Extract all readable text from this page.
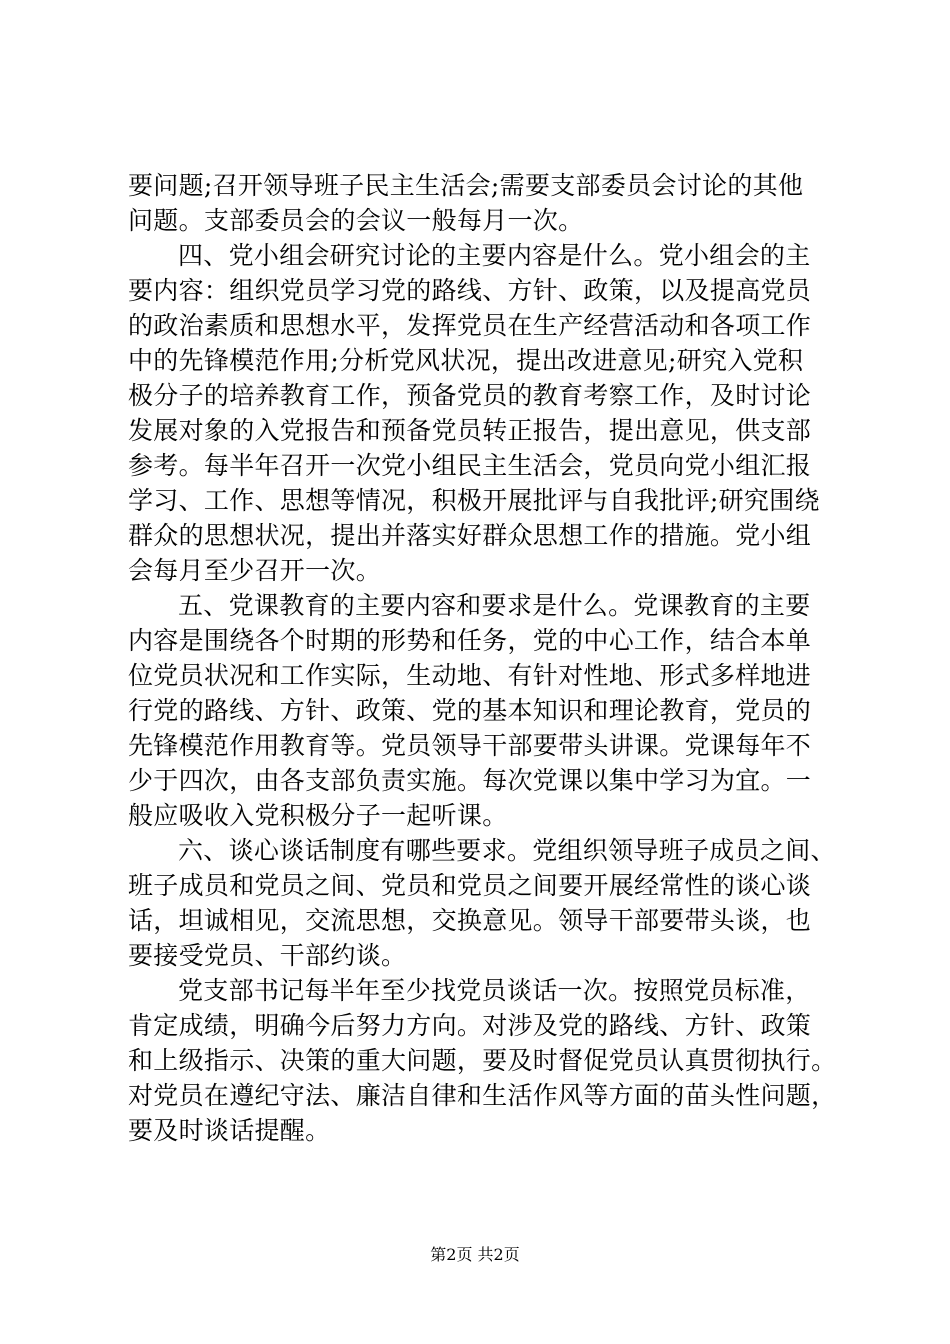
要问题;召开领导班子民主生活会;需要支部委员会讨论的其他
问题。支部委员会的会议一般每月一次。
四、党小组会研究讨论的主要内容是什么。党小组会的主
要内容：组织党员学习党的路线、方针、政策，以及提高党员
的政治素质和思想水平，发挥党员在生产经营活动和各项工作
中的先锋模范作用;分析党风状况，提出改进意见;研究入党积
极分子的培养教育工作，预备党员的教育考察工作，及时讨论
发展对象的入党报告和预备党员转正报告，提出意见，供支部
参考。每半年召开一次党小组民主生活会，党员向党小组汇报
学习、工作、思想等情况，积极开展批评与自我批评;研究围绕
群众的思想状况，提出并落实好群众思想工作的措施。党小组
会每月至少召开一次。
五、党课教育的主要内容和要求是什么。党课教育的主要
内容是围绕各个时期的形势和任务，党的中心工作，结合本单
位党员状况和工作实际，生动地、有针对性地、形式多样地进
行党的路线、方针、政策、党的基本知识和理论教育，党员的
先锋模范作用教育等。党员领导干部要带头讲课。党课每年不
少于四次，由各支部负责实施。每次党课以集中学习为宜。一
般应吸收入党积极分子一起听课。
六、谈心谈话制度有哪些要求。党组织领导班子成员之间、
班子成员和党员之间、党员和党员之间要开展经常性的谈心谈
话，坦诚相见，交流思想，交换意见。领导干部要带头谈，也
要接受党员、干部约谈。
党支部书记每半年至少找党员谈话一次。按照党员标准，
肯定成绩，明确今后努力方向。对涉及党的路线、方针、政策
和上级指示、决策的重大问题，要及时督促党员认真贯彻执行。
对党员在遵纪守法、廉洁自律和生活作风等方面的苗头性问题，
要及时谈话提醒。
第2页 共2页
